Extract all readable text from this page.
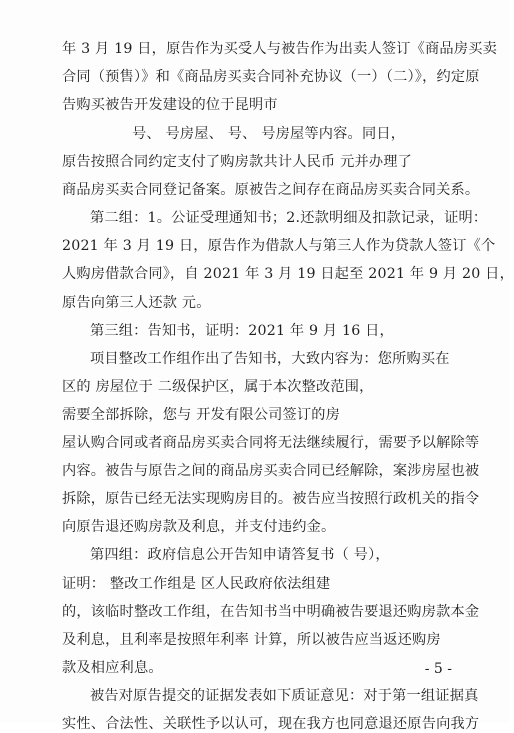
年 3 月 19 日，原告作为买受人与被告作为出卖人签订《商品房买卖
合同（预售）》和《商品房买卖合同补充协议（一）（二）》，约定原
告购买被告开发建设的位于昆明市
号、 号房屋、 号、 号房屋等内容。同日，
原告按照合同约定支付了购房款共计人民币 元并办理了
商品房买卖合同登记备案。原被告之间存在商品房买卖合同关系。
第二组：1。公证受理通知书；2.还款明细及扣款记录，证明：
2021 年 3 月 19 日，原告作为借款人与第三人作为贷款人签订《个
人购房借款合同》，自 2021 年 3 月 19 日起至 2021 年 9 月 20 日，
原告向第三人还款 元。
第三组：告知书，证明：2021 年 9 月 16 日，
项目整改工作组作出了告知书，大致内容为：您所购买在
区的 房屋位于 二级保护区，属于本次整改范围，
需要全部拆除，您与 开发有限公司签订的房
屋认购合同或者商品房买卖合同将无法继续履行，需要予以解除等
内容。被告与原告之间的商品房买卖合同已经解除，案涉房屋也被
拆除，原告已经无法实现购房目的。被告应当按照行政机关的指令
向原告退还购房款及利息，并支付违约金。
第四组：政府信息公开告知申请答复书（ 号），
证明： 整改工作组是 区人民政府依法组建
的，该临时整改工作组，在告知书当中明确被告要退还购房款本金
及利息，且利率是按照年利率 计算，所以被告应当返还购房
款及相应利息。
被告对原告提交的证据发表如下质证意见：对于第一组证据真
实性、合法性、关联性予以认可，现在我方也同意退还原告向我方
- 5 -
